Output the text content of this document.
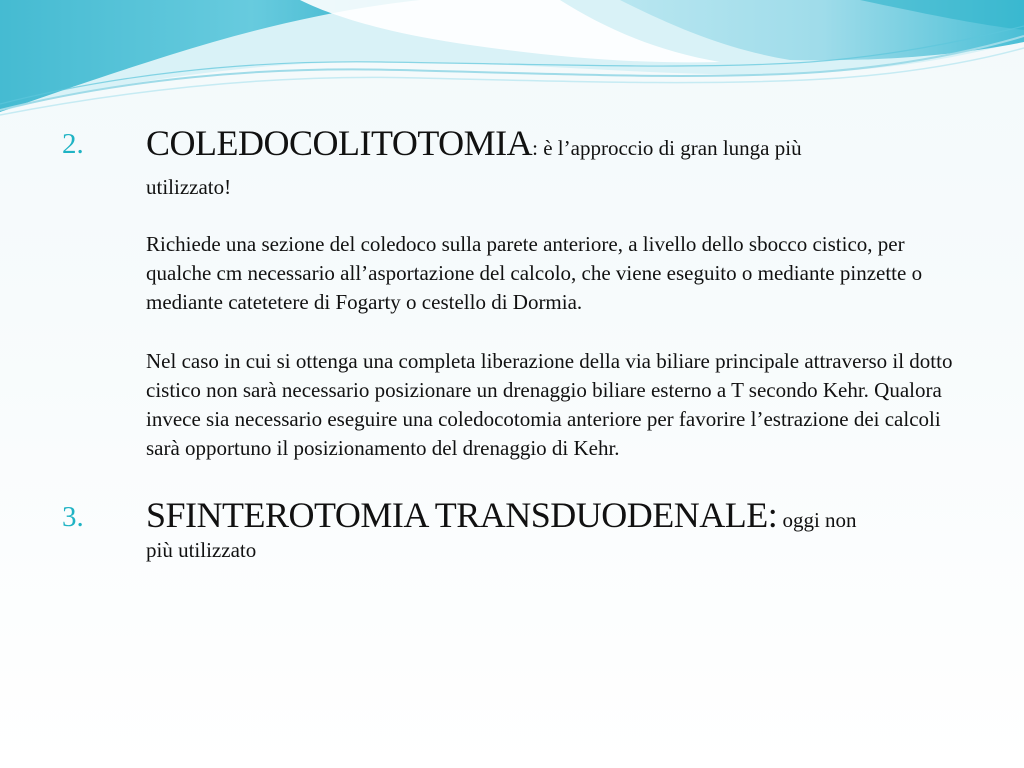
2. COLEDOCOLITOTOMIA: è l’approccio di gran lunga più

utilizzato!

Richiede una sezione del coledoco sulla parete anteriore, a livello dello sbocco cistico, per qualche cm necessario all’asportazione del calcolo, che viene eseguito o mediante pinzette o mediante catetetere di Fogarty o cestello di Dormia.

Nel caso in cui si ottenga una completa liberazione della via biliare principale attraverso il dotto cistico non sarà necessario posizionare un drenaggio biliare esterno a T secondo Kehr. Qualora invece sia necessario eseguire una coledocotomia anteriore per favorire l’estrazione dei calcoli sarà opportuno il posizionamento del drenaggio di Kehr.

3. SFINTEROTOMIA TRANSDUODENALE: oggi non

più utilizzato
